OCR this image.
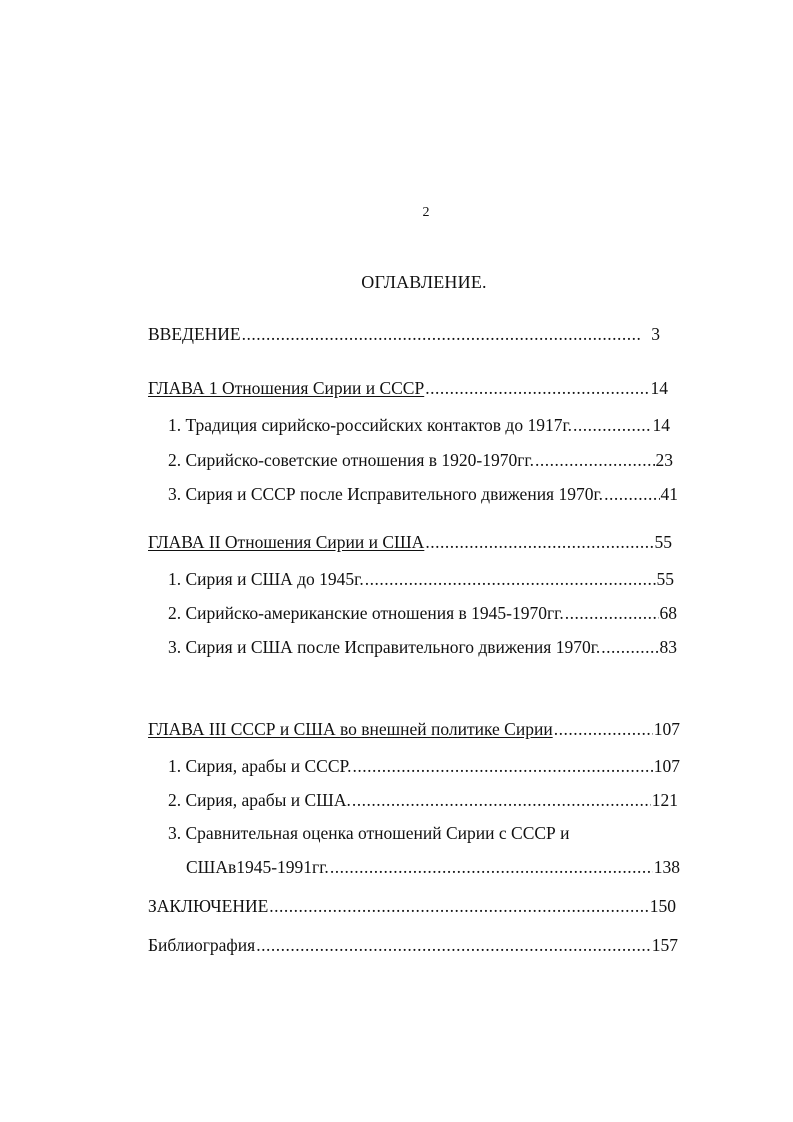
2
ОГЛАВЛЕНИЕ.
ВВЕДЕНИЕ .....	3
ГЛАВА 1 Отношения Сирии и СССР .....	14
1. Традиция сирийско-российских контактов до 1917г. .....	14
2. Сирийско-советские отношения в 1920-1970гг. .....	23
3. Сирия и СССР после Исправительного движения 1970г. .....	41
ГЛАВА II Отношения Сирии и США .....	55
1. Сирия и США до 1945г. .....	55
2. Сирийско-американские отношения в 1945-1970гг. .....	68
3. Сирия и США после Исправительного движения 1970г. .....	83
ГЛАВА III СССР и США во внешней политике Сирии .....	107
1. Сирия, арабы и СССР. .....	107
2. Сирия, арабы и США. .....	121
3. Сравнительная оценка отношений Сирии с СССР и
СШАв1945-1991гг. .....	138
ЗАКЛЮЧЕНИЕ .....	150
Библиография .....	157
